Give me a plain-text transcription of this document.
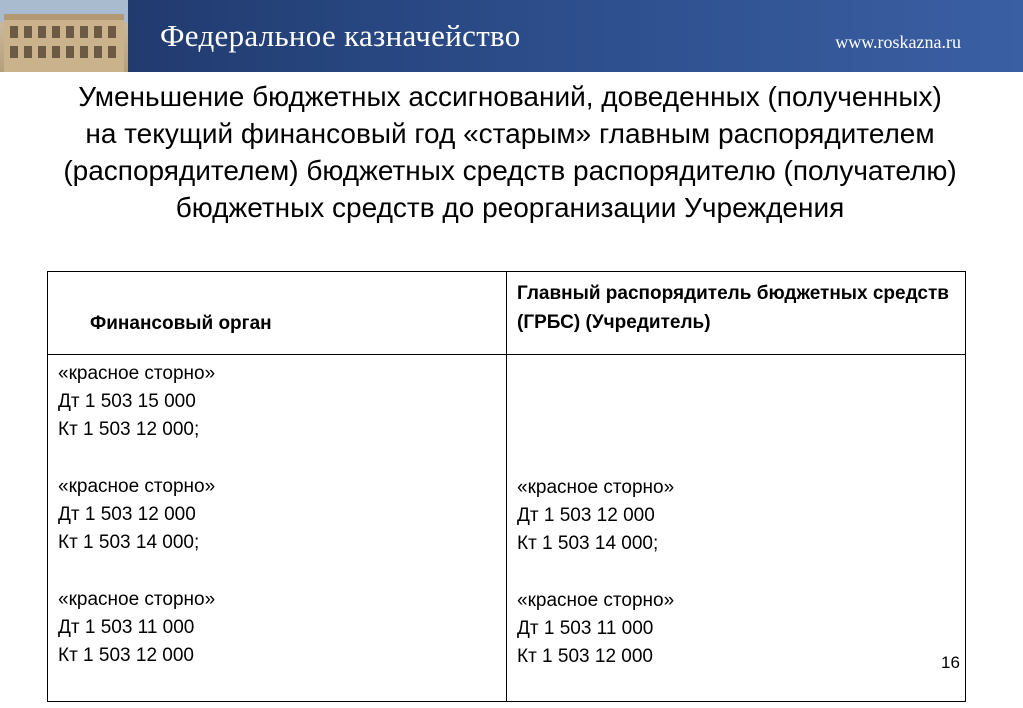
Федеральное казначейство	www.roskazna.ru
Уменьшение бюджетных ассигнований, доведенных (полученных) на текущий финансовый год «старым» главным распорядителем (распорядителем) бюджетных средств распорядителю (получателю) бюджетных средств до реорганизации Учреждения
Финансовый орган
Главный распорядитель бюджетных средств (ГРБС) (Учредитель)
«красное сторно»
Дт 1 503 15 000
Кт 1 503 12 000;
«красное сторно»
Дт 1 503 12 000
Кт 1 503 14 000;
«красное сторно»
Дт 1 503 11 000
Кт 1 503 12 000
«красное сторно»
Дт 1 503 12 000
Кт 1 503 14 000;
«красное сторно»
Дт 1 503 11 000
Кт 1 503 12 000	16
